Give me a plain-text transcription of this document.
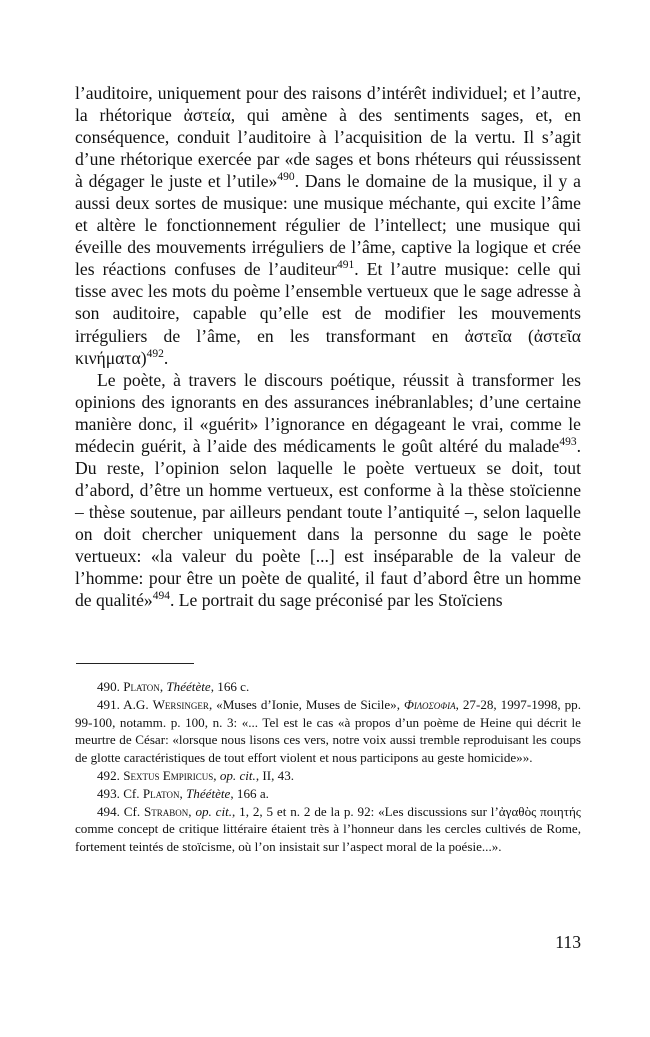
l’auditoire, uniquement pour des raisons d’intérêt individuel; et l’autre, la rhétorique ἀστεία, qui amène à des sentiments sages, et, en conséquence, conduit l’auditoire à l’acquisition de la vertu. Il s’agit d’une rhétorique exercée par «de sages et bons rhéteurs qui réussissent à dégager le juste et l’utile»$^{490}$. Dans le domaine de la musique, il y a aussi deux sortes de musique: une musique méchante, qui excite l’âme et altère le fonctionnement régulier de l’intellect; une musique qui éveille des mouvements irréguliers de l’âme, captive la logique et crée les réactions confuses de l’auditeur$^{491}$. Et l’autre musique: celle qui tisse avec les mots du poème l’ensemble vertueux que le sage adresse à son auditoire, capable qu’elle est de modifier les mouvements irréguliers de l’âme, en les transformant en ἀστεῖα (ἀστεῖα κινήματα)$^{492}$.

Le poète, à travers le discours poétique, réussit à transformer les opinions des ignorants en des assurances inébranlables; d’une certaine manière donc, il «guérit» l’ignorance en dégageant le vrai, comme le médecin guérit, à l’aide des médicaments le goût altéré du malade$^{493}$. Du reste, l’opinion selon laquelle le poète vertueux se doit, tout d’abord, d’être un homme vertueux, est conforme à la thèse stoïcienne – thèse soutenue, par ailleurs pendant toute l’antiquité –, selon laquelle on doit chercher uniquement dans la personne du sage le poète vertueux: «la valeur du poète [...] est inséparable de la valeur de l’homme: pour être un poète de qualité, il faut d’abord être un homme de qualité»$^{494}$. Le portrait du sage préconisé par les Stoïciens

490. Platon, Théétète, 166 c.

491. A.G. Wersinger, «Muses d’Ionie, Muses de Sicile», Φιλοσοφια, 27-28, 1997-1998, pp. 99-100, notamm. p. 100, n. 3: «... Tel est le cas «à propos d’un poème de Heine qui décrit le meurtre de César: «lorsque nous lisons ces vers, notre voix aussi tremble reproduisant les coups de glotte caractéristiques de tout effort violent et nous participons au geste homicide»».

492. Sextus Empiricus, op. cit., II, 43.

493. Cf. Platon, Théétète, 166 a.

494. Cf. Strabon, op. cit., 1, 2, 5 et n. 2 de la p. 92: «Les discussions sur l’ἀγαθὸς ποιητής comme concept de critique littéraire étaient très à l’honneur dans les cercles cultivés de Rome, fortement teintés de stoïcisme, où l’on insistait sur l’aspect moral de la poésie...».

113
